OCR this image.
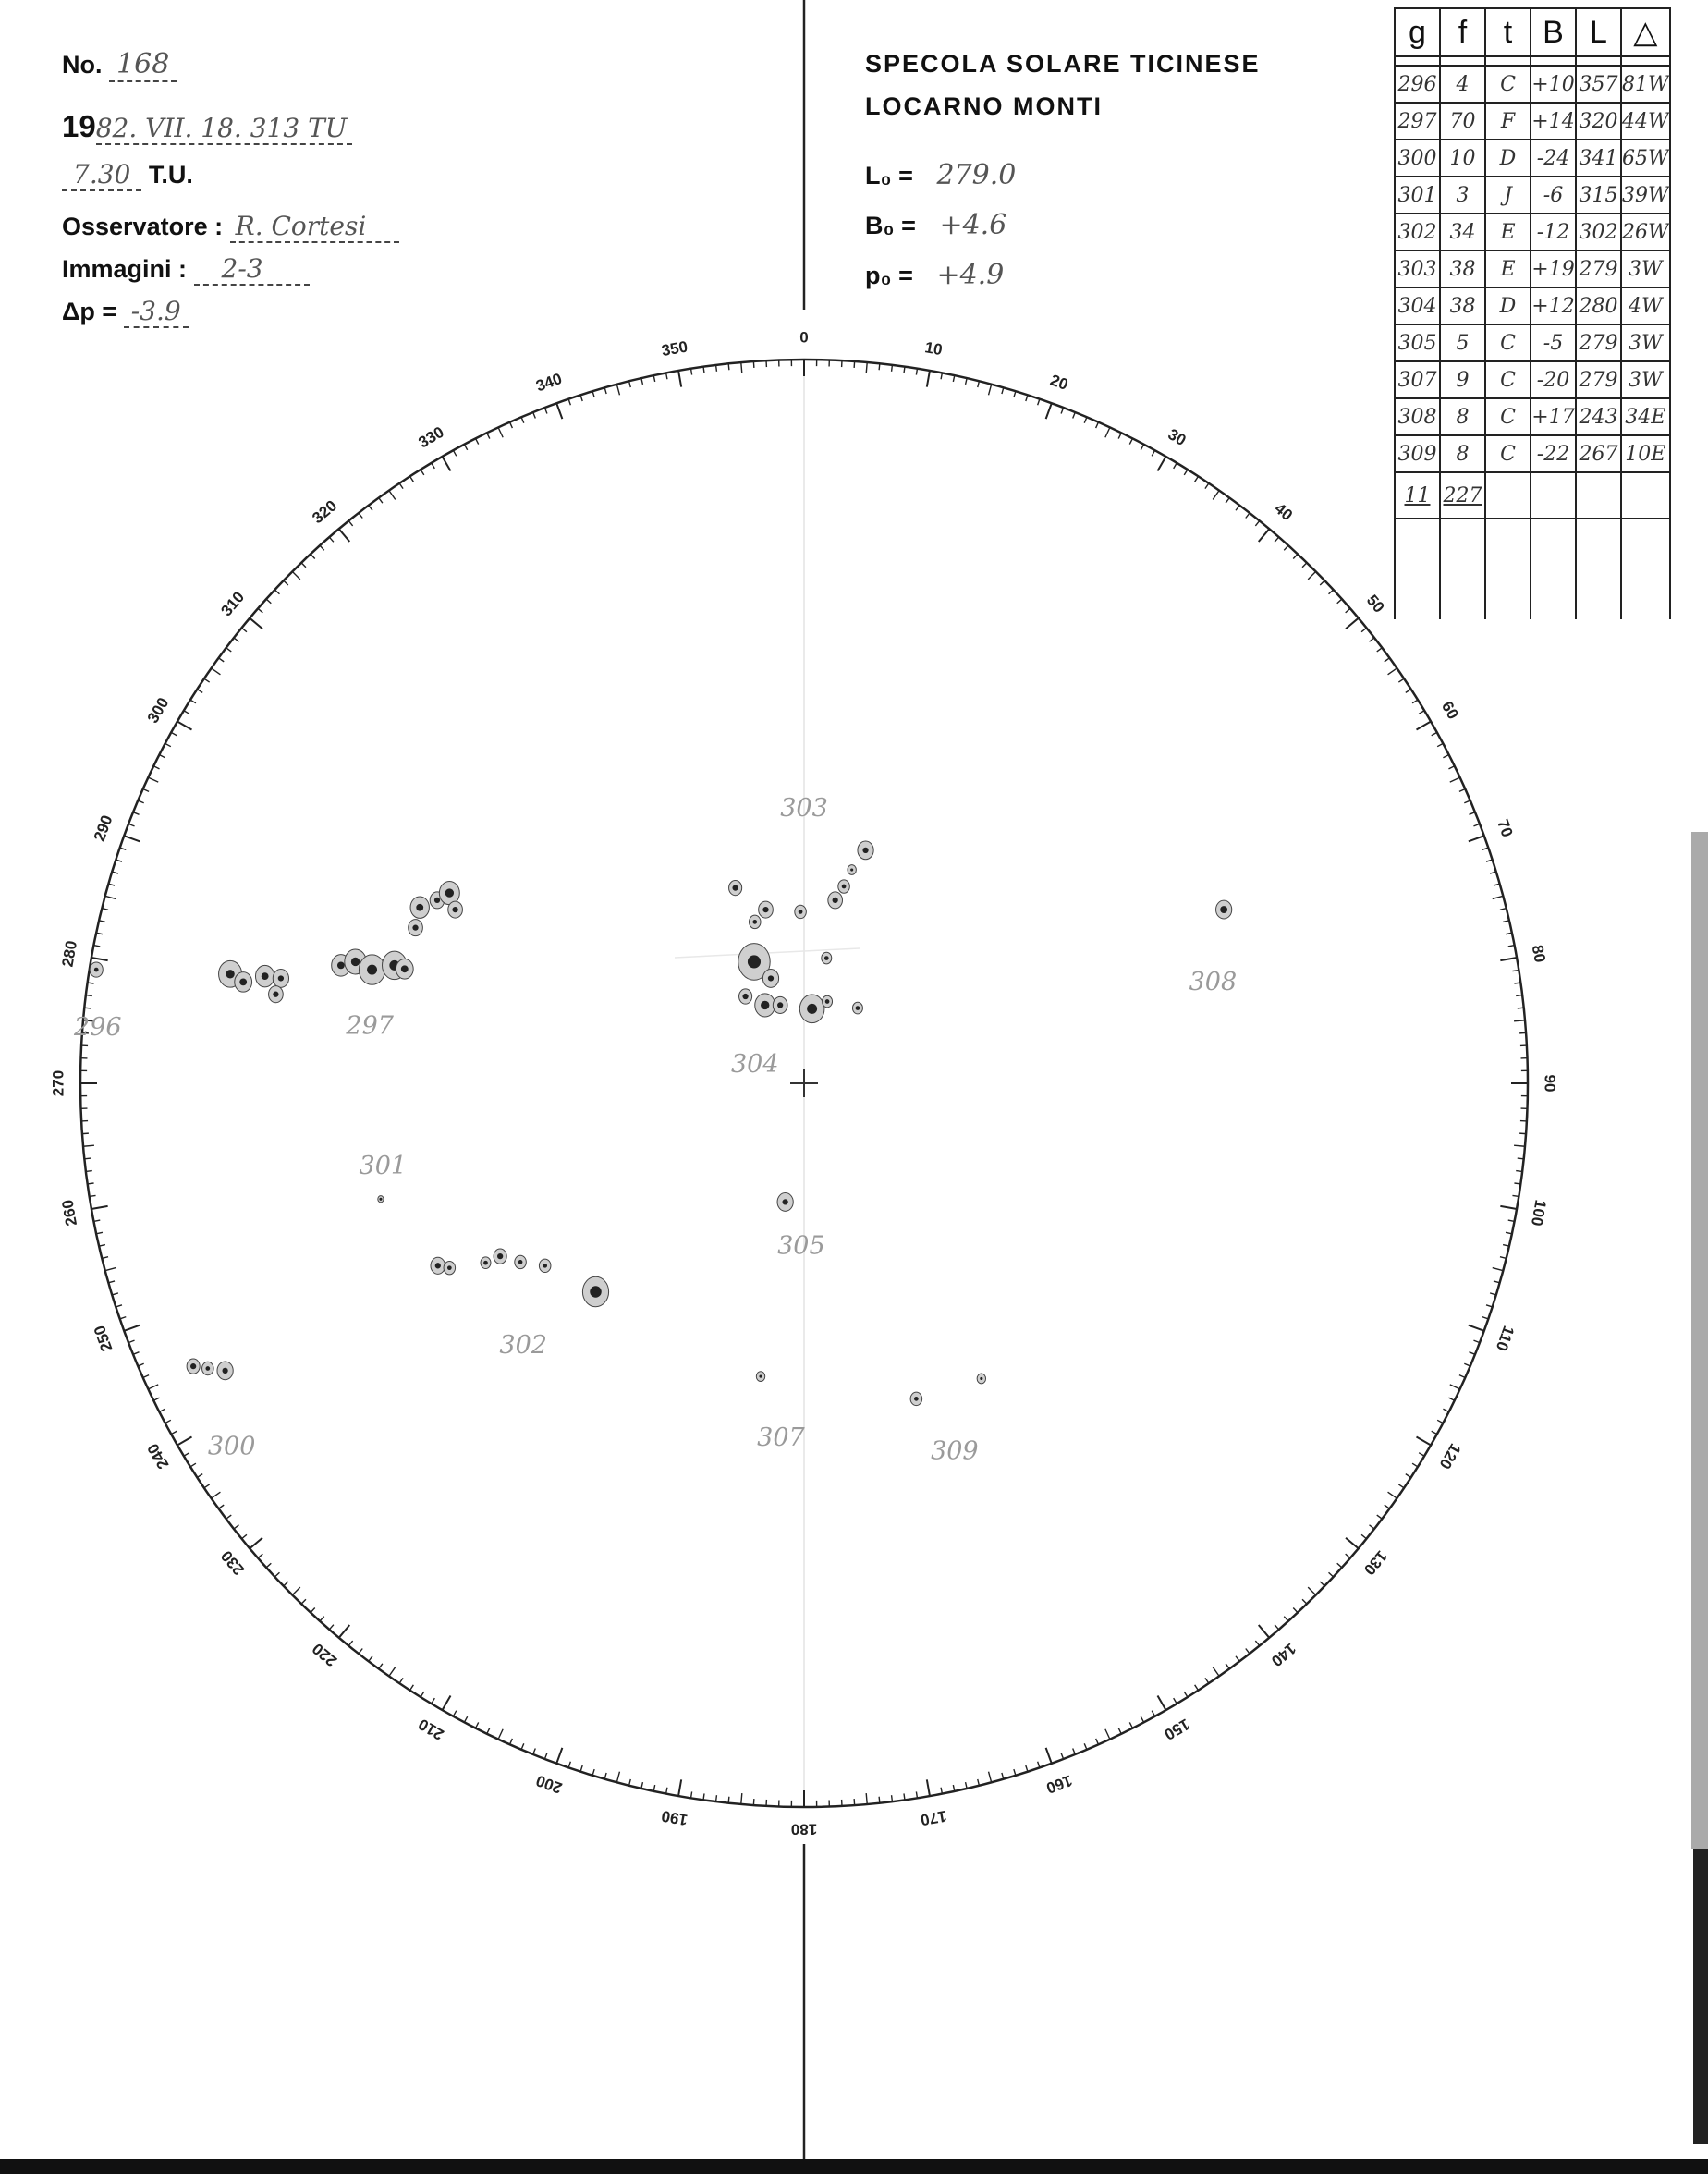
0
10
20
30
40
50
60
70
80
90
100
110
120
130
140
150
160
170
180
190
200
210
220
230
240
250
260
270
280
290
300
310
320
330
340
350
296	297
300
301
302
303
304
305
307
308
309
No. 168
1982. VII. 18. 313 TU
7.30 T.U.
Osservatore : R. Cortesi
Immagini : 2-3
Δp = -3.9
SPECOLA SOLARE TICINESE
LOCARNO MONTI
L₀ = 279.0
B₀ = +4.6
p₀ = +4.9
g	f	t	B	L	△

296	4	C	+10	357	81W
297	70	F	+14	320	44W
300	10	D	-24	341	65W
301	3	J	-6	315	39W
302	34	E	-12	302	26W
303	38	E	+19	279	3W
304	38	D	+12	280	4W
305	5	C	-5	279	3W
307	9	C	-20	279	3W
308	8	C	+17	243	34E
309	8	C	-22	267	10E
11	227				
